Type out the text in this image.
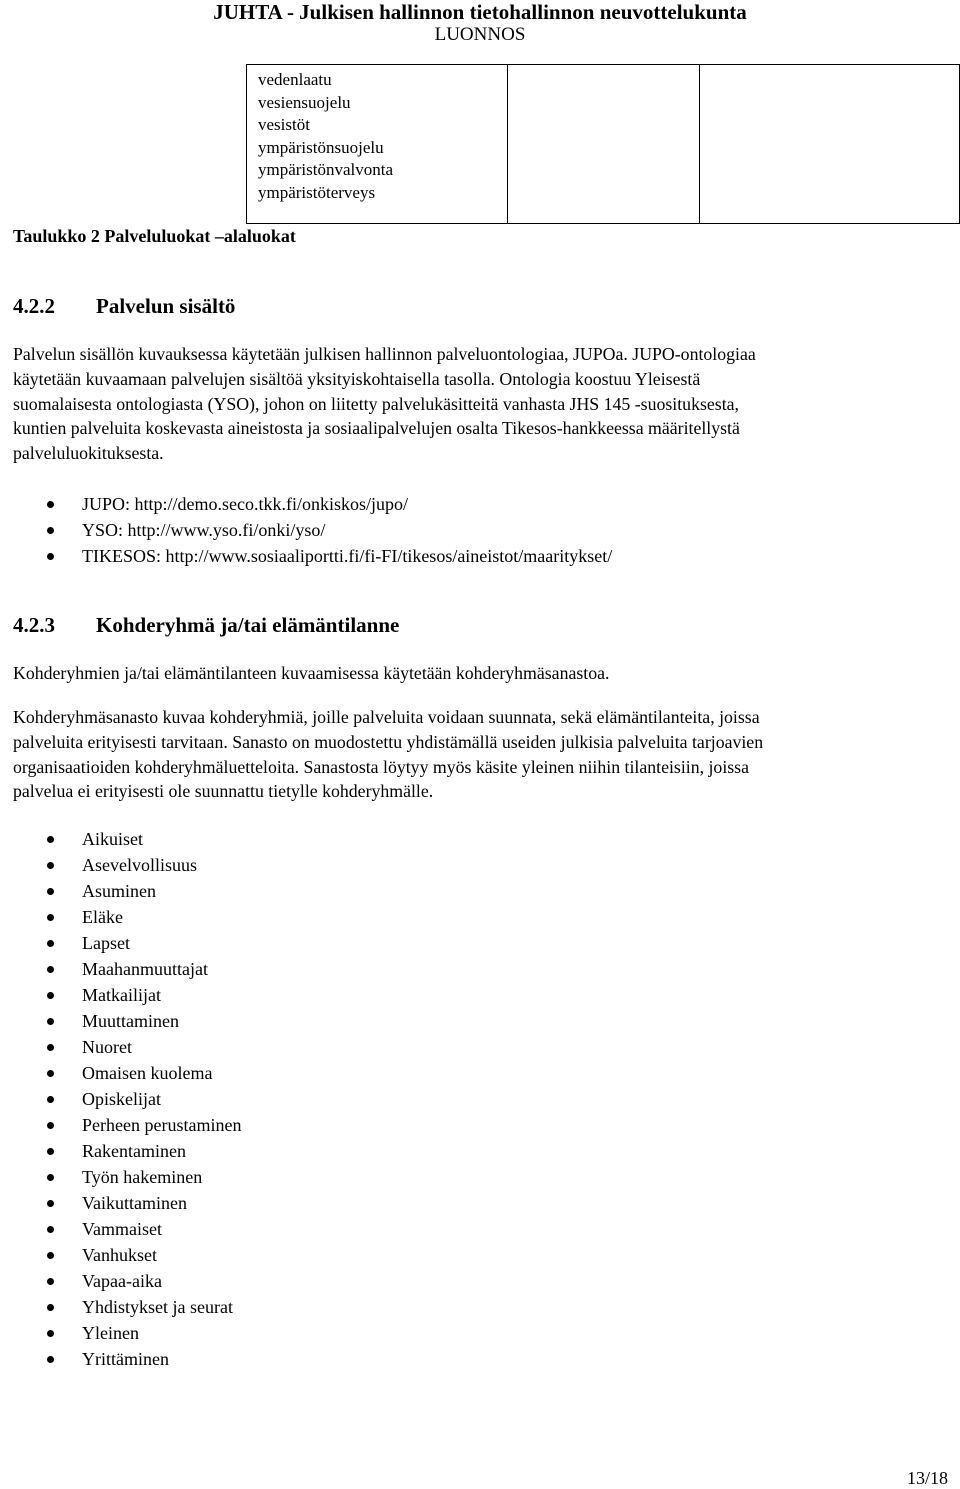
JUHTA - Julkisen hallinnon tietohallinnon neuvottelukunta
LUONNOS
vedenlaatu
vesiensuojelu
vesistöt
ympäristönsuojelu
ympäristönvalvonta
ympäristöterveys

Taulukko 2 Palveluluokat –alaluokat
4.2.2 Palvelun sisältö
Palvelun sisällön kuvauksessa käytetään julkisen hallinnon palveluontologiaa, JUPOa. JUPO-ontologiaa
käytetään kuvaamaan palvelujen sisältöä yksityiskohtaisella tasolla. Ontologia koostuu Yleisestä
suomalaisesta ontologiasta (YSO), johon on liitetty palvelukäsitteitä vanhasta JHS 145 -suosituksesta,
kuntien palveluita koskevasta aineistosta ja sosiaalipalvelujen osalta Tikesos-hankkeessa määritellystä
palveluluokituksesta.
JUPO: http://demo.seco.tkk.fi/onkiskos/jupo/
YSO: http://www.yso.fi/onki/yso/
TIKESOS: http://www.sosiaaliportti.fi/fi-FI/tikesos/aineistot/maaritykset/
4.2.3 Kohderyhmä ja/tai elämäntilanne
Kohderyhmien ja/tai elämäntilanteen kuvaamisessa käytetään kohderyhmäsanastoa.
Kohderyhmäsanasto kuvaa kohderyhmiä, joille palveluita voidaan suunnata, sekä elämäntilanteita, joissa
palveluita erityisesti tarvitaan. Sanasto on muodostettu yhdistämällä useiden julkisia palveluita tarjoavien
organisaatioiden kohderyhmäluetteloita. Sanastosta löytyy myös käsite yleinen niihin tilanteisiin, joissa
palvelua ei erityisesti ole suunnattu tietylle kohderyhmälle.
Aikuiset
Asevelvollisuus
Asuminen
Eläke
Lapset
Maahanmuuttajat
Matkailijat
Muuttaminen
Nuoret
Omaisen kuolema
Opiskelijat
Perheen perustaminen
Rakentaminen
Työn hakeminen
Vaikuttaminen
Vammaiset
Vanhukset
Vapaa-aika
Yhdistykset ja seurat
Yleinen
Yrittäminen
13/18
